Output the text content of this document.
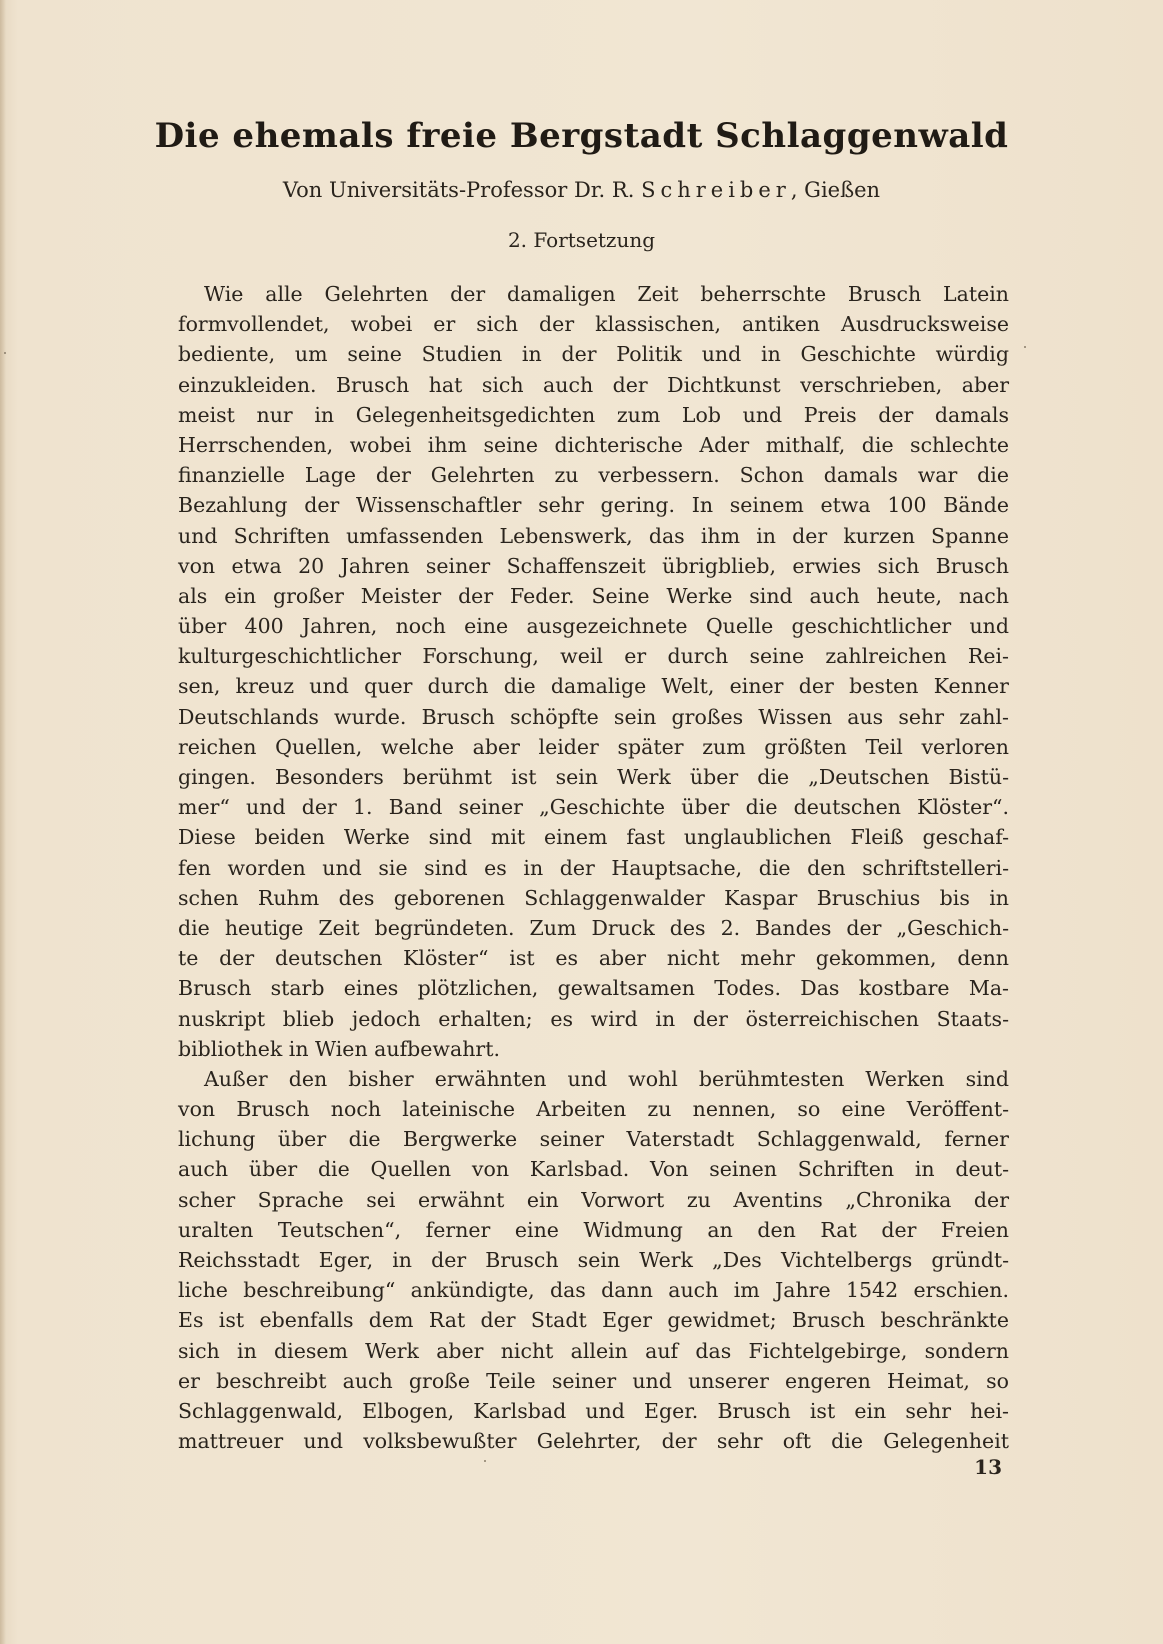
Die ehemals freie Bergstadt Schlaggenwald

Von Universitäts-Professor Dr. R. Schreiber, Gießen

2. Fortsetzung

Wie alle Gelehrten der damaligen Zeit beherrschte Brusch Latein
formvollendet, wobei er sich der klassischen, antiken Ausdrucksweise
bediente, um seine Studien in der Politik und in Geschichte würdig
einzukleiden. Brusch hat sich auch der Dichtkunst verschrieben, aber
meist nur in Gelegenheitsgedichten zum Lob und Preis der damals
Herrschenden, wobei ihm seine dichterische Ader mithalf, die schlechte
finanzielle Lage der Gelehrten zu verbessern. Schon damals war die
Bezahlung der Wissenschaftler sehr gering. In seinem etwa 100 Bände
und Schriften umfassenden Lebenswerk, das ihm in der kurzen Spanne
von etwa 20 Jahren seiner Schaffenszeit übrigblieb, erwies sich Brusch
als ein großer Meister der Feder. Seine Werke sind auch heute, nach
über 400 Jahren, noch eine ausgezeichnete Quelle geschichtlicher und
kulturgeschichtlicher Forschung, weil er durch seine zahlreichen Rei-
sen, kreuz und quer durch die damalige Welt, einer der besten Kenner
Deutschlands wurde. Brusch schöpfte sein großes Wissen aus sehr zahl-
reichen Quellen, welche aber leider später zum größten Teil verloren
gingen. Besonders berühmt ist sein Werk über die „Deutschen Bistü-
mer“ und der 1. Band seiner „Geschichte über die deutschen Klöster“.
Diese beiden Werke sind mit einem fast unglaublichen Fleiß geschaf-
fen worden und sie sind es in der Hauptsache, die den schriftstelleri-
schen Ruhm des geborenen Schlaggenwalder Kaspar Bruschius bis in
die heutige Zeit begründeten. Zum Druck des 2. Bandes der „Geschich-
te der deutschen Klöster“ ist es aber nicht mehr gekommen, denn
Brusch starb eines plötzlichen, gewaltsamen Todes. Das kostbare Ma-
nuskript blieb jedoch erhalten; es wird in der österreichischen Staats-
bibliothek in Wien aufbewahrt.
Außer den bisher erwähnten und wohl berühmtesten Werken sind
von Brusch noch lateinische Arbeiten zu nennen, so eine Veröffent-
lichung über die Bergwerke seiner Vaterstadt Schlaggenwald, ferner
auch über die Quellen von Karlsbad. Von seinen Schriften in deut-
scher Sprache sei erwähnt ein Vorwort zu Aventins „Chronika der
uralten Teutschen“, ferner eine Widmung an den Rat der Freien
Reichsstadt Eger, in der Brusch sein Werk „Des Vichtelbergs gründt-
liche beschreibung“ ankündigte, das dann auch im Jahre 1542 erschien.
Es ist ebenfalls dem Rat der Stadt Eger gewidmet; Brusch beschränkte
sich in diesem Werk aber nicht allein auf das Fichtelgebirge, sondern
er beschreibt auch große Teile seiner und unserer engeren Heimat, so
Schlaggenwald, Elbogen, Karlsbad und Eger. Brusch ist ein sehr hei-
mattreuer und volksbewußter Gelehrter, der sehr oft die Gelegenheit
13
